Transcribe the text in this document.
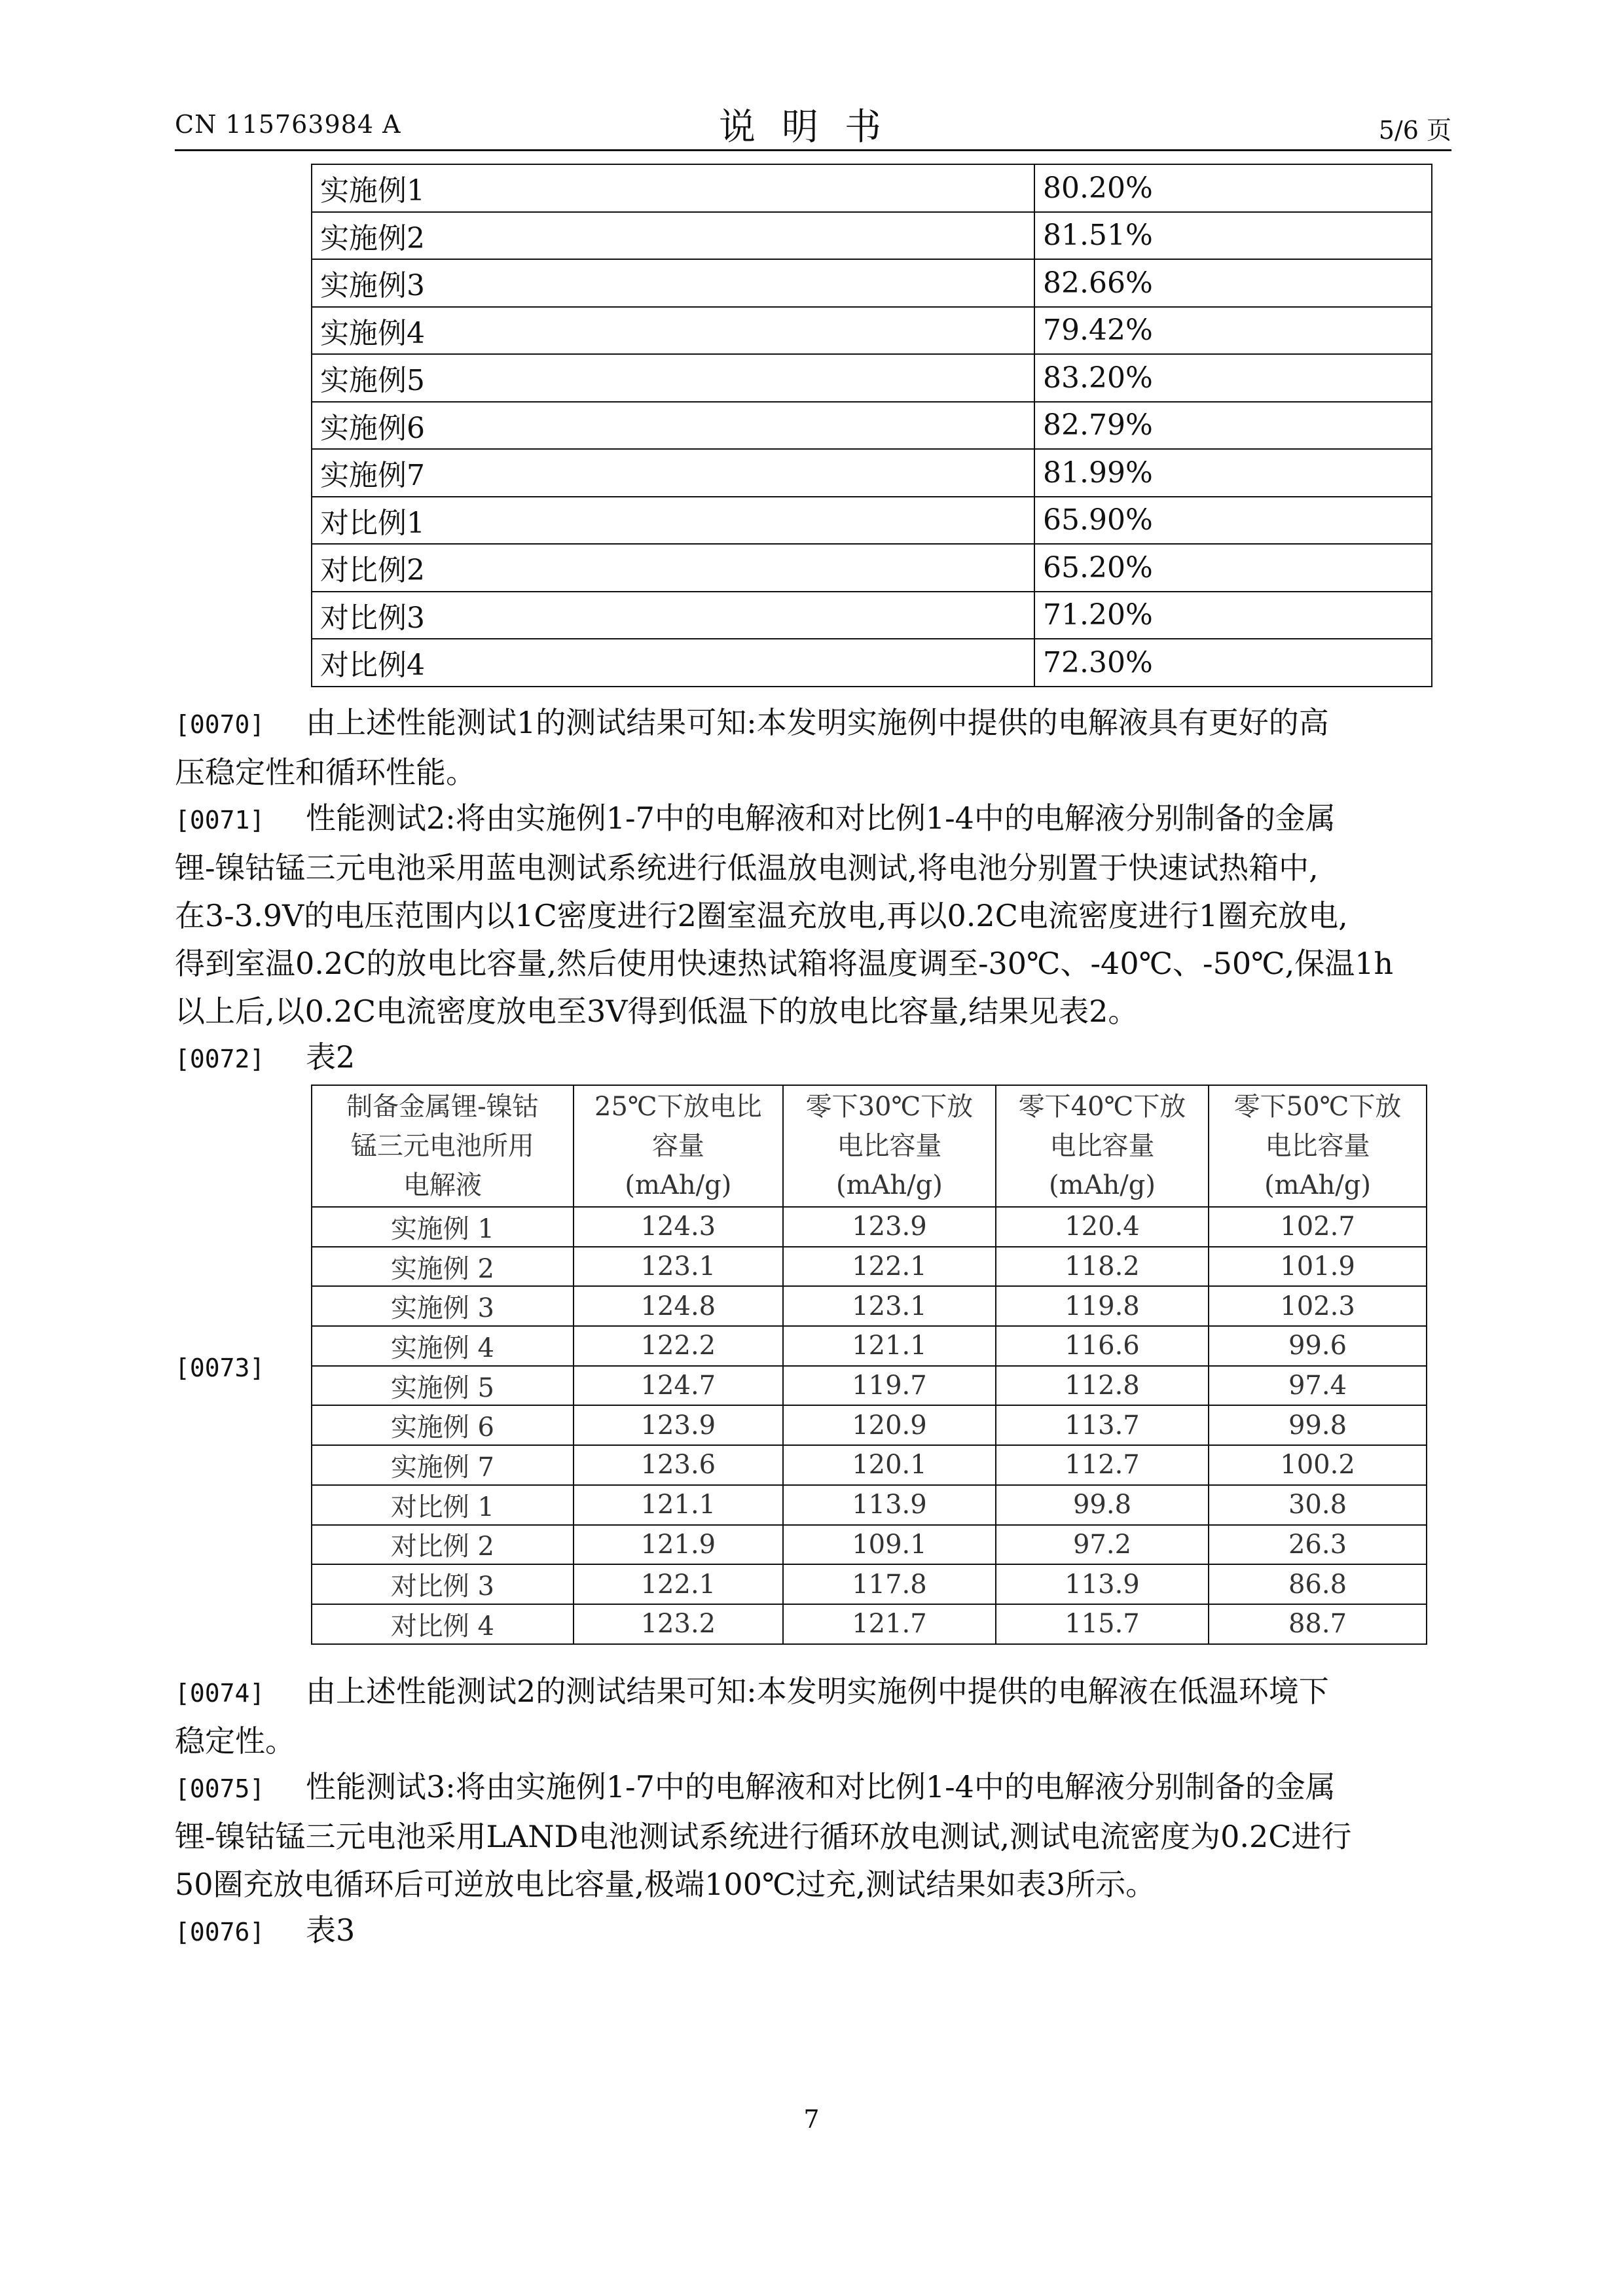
CN 115763984 A	说明书	5/6 页
实施例1	80.20%
实施例2	81.51%
实施例3	82.66%
实施例4	79.42%
实施例5	83.20%
实施例6	82.79%
实施例7	81.99%
对比例1	65.90%
对比例2	65.20%
对比例3	71.20%
对比例4	72.30%
[0070] 由上述性能测试1的测试结果可知:本发明实施例中提供的电解液具有更好的高
压稳定性和循环性能。
[0071] 性能测试2:将由实施例1-7中的电解液和对比例1-4中的电解液分别制备的金属
锂-镍钴锰三元电池采用蓝电测试系统进行低温放电测试,将电池分别置于快速试热箱中,
在3-3.9V的电压范围内以1C密度进行2圈室温充放电,再以0.2C电流密度进行1圈充放电,
得到室温0.2C的放电比容量,然后使用快速热试箱将温度调至-30℃、-40℃、-50℃,保温1h
以上后,以0.2C电流密度放电至3V得到低温下的放电比容量,结果见表2。
[0072] 表2
[0073]
制备金属锂-镍钴
锰三元电池所用
电解液	25℃下放电比
容量
(mAh/g)	零下30℃下放
电比容量
(mAh/g)	零下40℃下放
电比容量
(mAh/g)	零下50℃下放
电比容量
(mAh/g)

实施例 1	124.3	123.9	120.4	102.7
实施例 2	123.1	122.1	118.2	101.9
实施例 3	124.8	123.1	119.8	102.3
实施例 4	122.2	121.1	116.6	99.6
实施例 5	124.7	119.7	112.8	97.4
实施例 6	123.9	120.9	113.7	99.8
实施例 7	123.6	120.1	112.7	100.2
对比例 1	121.1	113.9	99.8	30.8
对比例 2	121.9	109.1	97.2	26.3
对比例 3	122.1	117.8	113.9	86.8
对比例 4	123.2	121.7	115.7	88.7
[0074] 由上述性能测试2的测试结果可知:本发明实施例中提供的电解液在低温环境下
稳定性。
[0075] 性能测试3:将由实施例1-7中的电解液和对比例1-4中的电解液分别制备的金属
锂-镍钴锰三元电池采用LAND电池测试系统进行循环放电测试,测试电流密度为0.2C进行
50圈充放电循环后可逆放电比容量,极端100℃过充,测试结果如表3所示。
[0076] 表3
7
